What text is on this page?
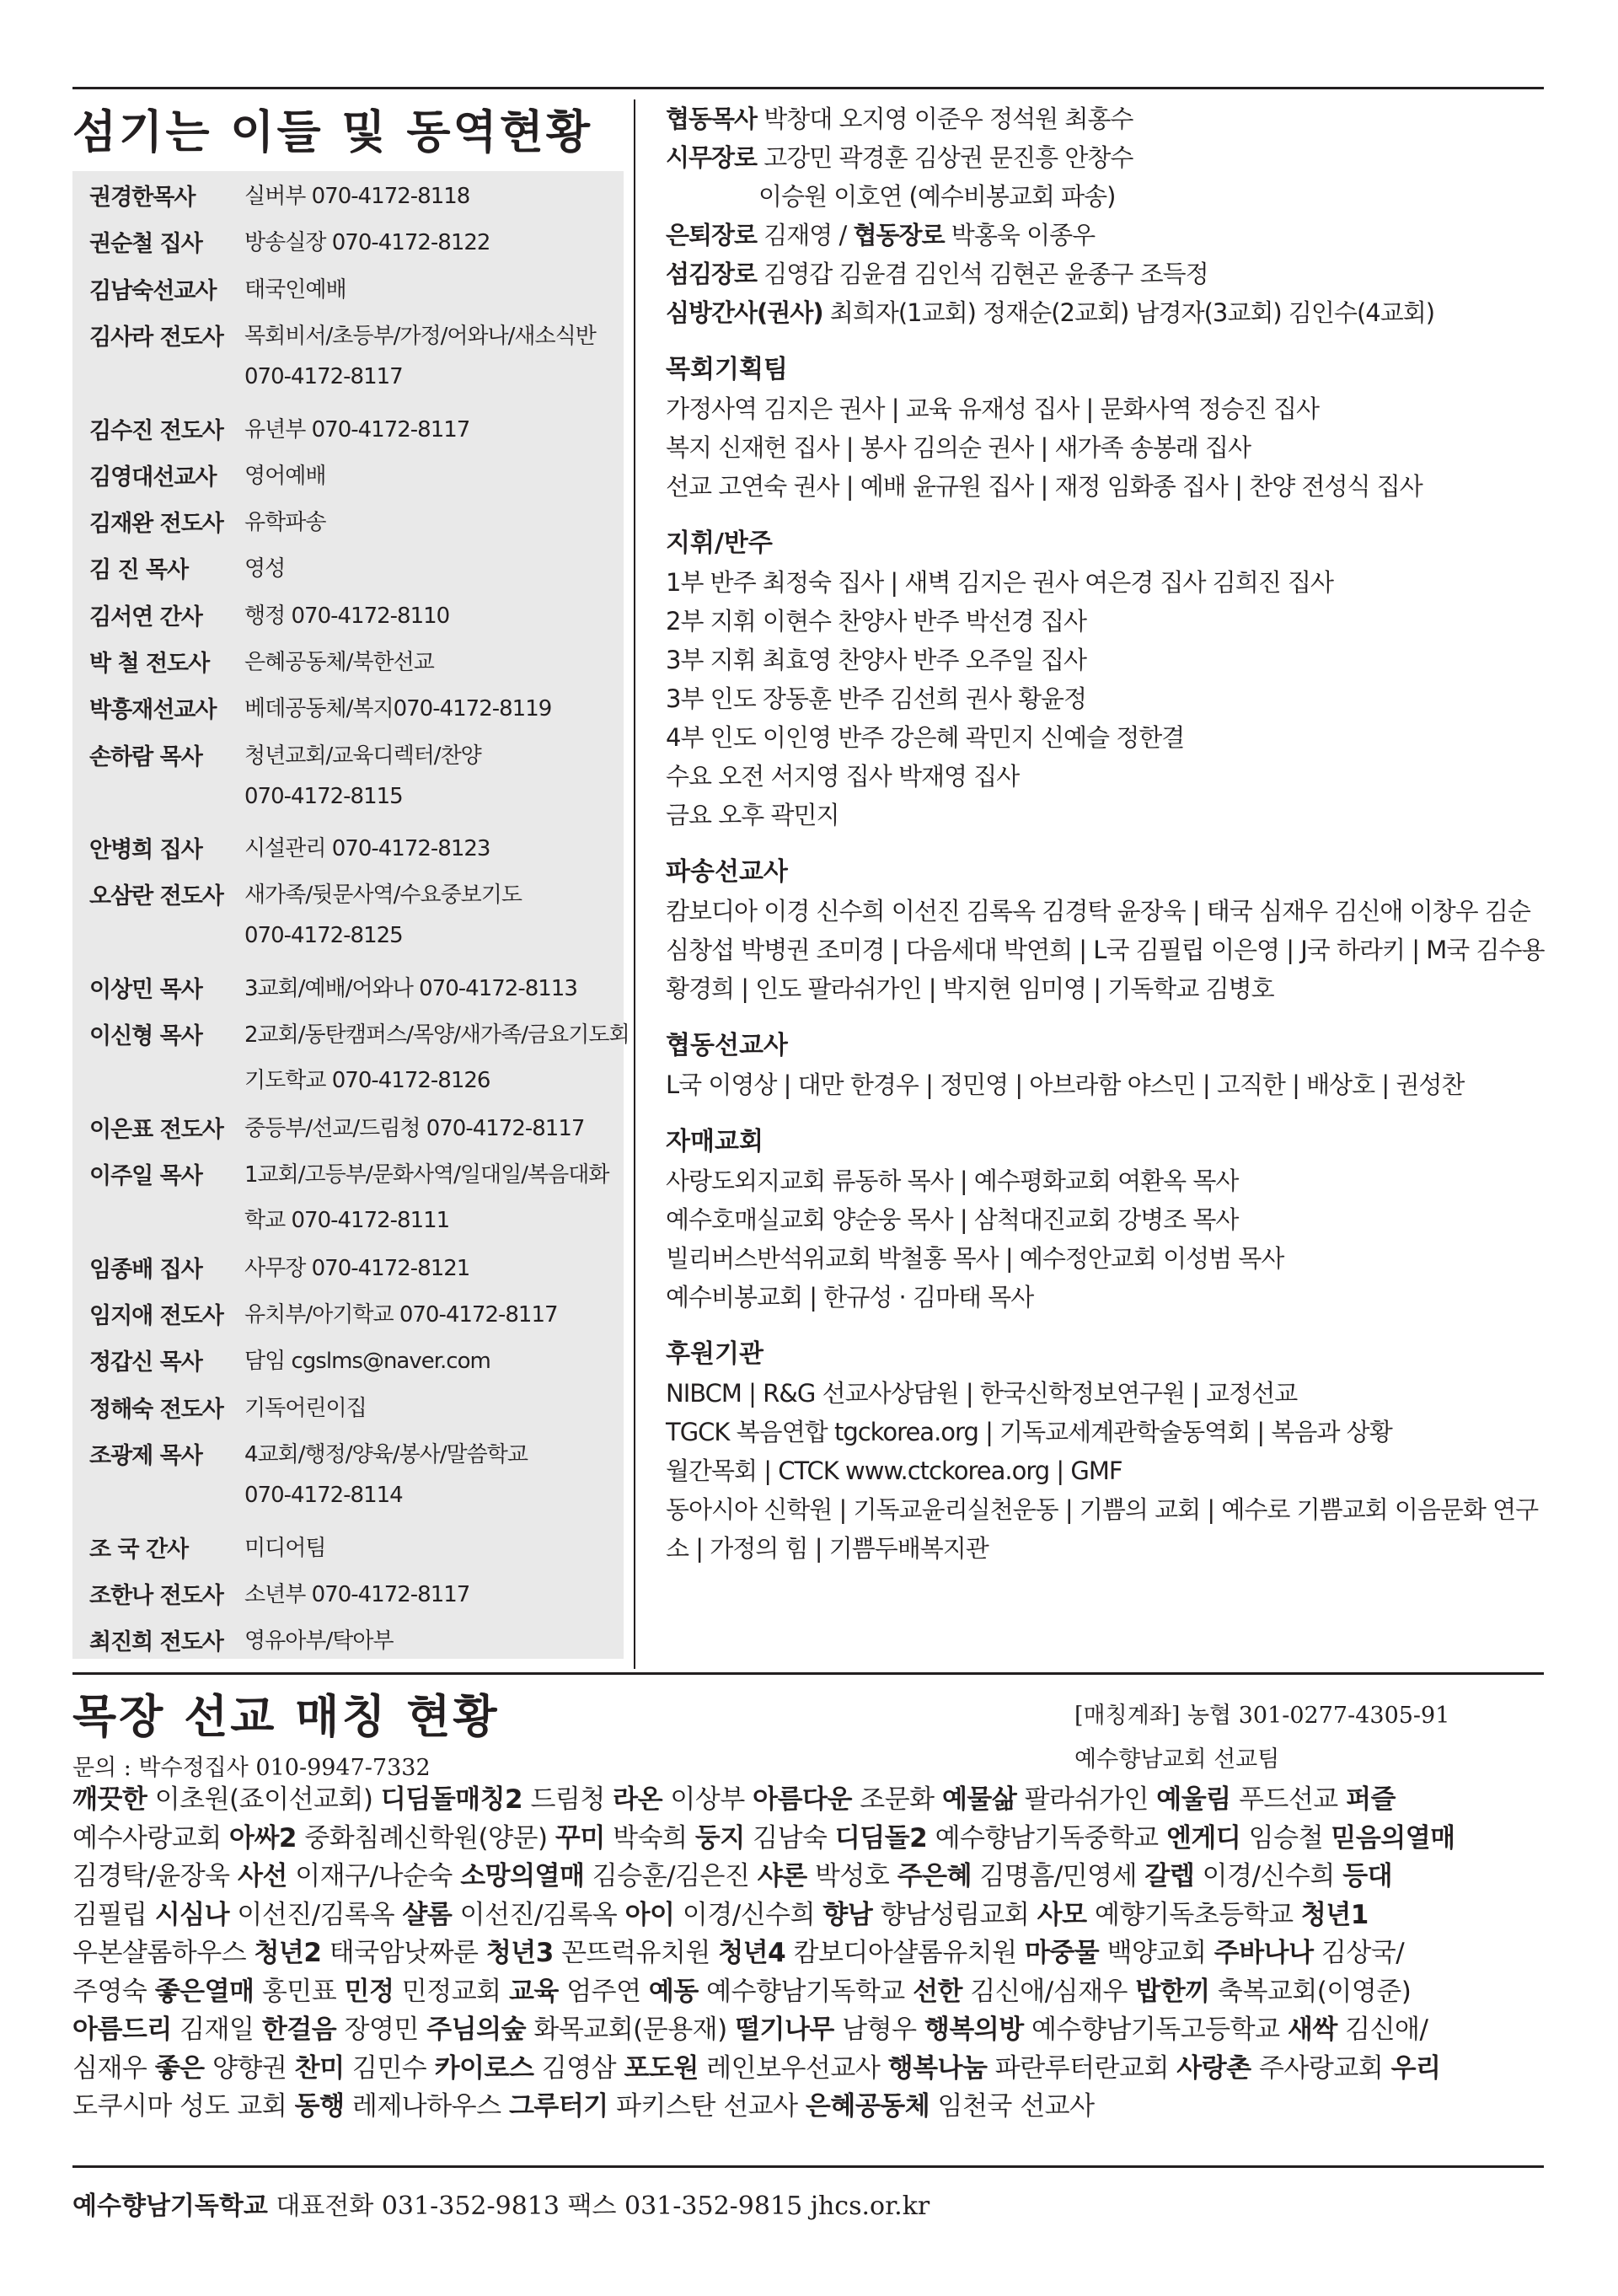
섬기는 이들 및 동역현황
권경한목사 실버부 070-4172-8118
권순철 집사 방송실장 070-4172-8122
김남숙선교사 태국인예배
김사라 전도사 목회비서/초등부/가정/어와나/새소식반
070-4172-8117
김수진 전도사 유년부 070-4172-8117
김영대선교사 영어예배
김재완 전도사 유학파송
김 진 목사	영성
김서연 간사 행정 070-4172-8110
박 철 전도사 은혜공동체/북한선교
박흥재선교사 베데공동체/복지070-4172-8119
손하람 목사 청년교회/교육디렉터/찬양
070-4172-8115
안병희 집사 시설관리 070-4172-8123
오삼란 전도사 새가족/뒷문사역/수요중보기도
070-4172-8125
이상민 목사 3교회/예배/어와나 070-4172-8113
이신형 목사 2교회/동탄캠퍼스/목양/새가족/금요기도회
기도학교 070-4172-8126
이은표 전도사 중등부/선교/드림청 070-4172-8117
이주일 목사 1교회/고등부/문화사역/일대일/복음대화
학교 070-4172-8111
임종배 집사 사무장 070-4172-8121
임지애 전도사 유치부/아기학교 070-4172-8117
정갑신 목사 담임 cgslms@naver.com
정해숙 전도사 기독어린이집
조광제 목사 4교회/행정/양육/봉사/말씀학교
070-4172-8114
조 국 간사	미디어팀
조한나 전도사 소년부 070-4172-8117
최진희 전도사 영유아부/탁아부
협동목사 박창대 오지영 이준우 정석원 최홍수
시무장로 고강민 곽경훈 김상권 문진흥 안창수
이승원 이호연 (예수비봉교회 파송)
은퇴장로 김재영 / 협동장로 박홍욱 이종우
섬김장로 김영갑 김윤겸 김인석 김현곤 윤종구 조득정
심방간사(권사) 최희자(1교회) 정재순(2교회) 남경자(3교회) 김인수(4교회)
목회기획팀
가정사역 김지은 권사 | 교육 유재성 집사 | 문화사역 정승진 집사
복지 신재헌 집사 | 봉사 김의순 권사 | 새가족 송봉래 집사
선교 고연숙 권사 | 예배 윤규원 집사 | 재정 임화종 집사 | 찬양 전성식 집사
지휘/반주
1부 반주 최정숙 집사 | 새벽 김지은 권사 여은경 집사 김희진 집사
2부 지휘 이현수 찬양사 반주 박선경 집사
3부 지휘 최효영 찬양사 반주 오주일 집사
3부 인도 장동훈 반주 김선희 권사 황윤정
4부 인도 이인영 반주 강은혜 곽민지 신예슬 정한결
수요 오전 서지영 집사 박재영 집사
금요 오후 곽민지
파송선교사
캄보디아 이경 신수희 이선진 김록옥 김경탁 윤장욱 | 태국 심재우 김신애 이창우 김순
심창섭 박병권 조미경 | 다음세대 박연희 | L국 김필립 이은영 | J국 하라키 | M국 김수용
황경희 | 인도 팔라쉬가인 | 박지현 임미영 | 기독학교 김병호
협동선교사
L국 이영상 | 대만 한경우 | 정민영 | 아브라함 야스민 | 고직한 | 배상호 | 권성찬
자매교회
사랑도외지교회 류동하 목사 | 예수평화교회 여환옥 목사
예수호매실교회 양순웅 목사 | 삼척대진교회 강병조 목사
빌리버스반석위교회 박철홍 목사 | 예수정안교회 이성범 목사
예수비봉교회 | 한규성 · 김마태 목사
후원기관
NIBCM | R&G 선교사상담원 | 한국신학정보연구원 | 교정선교
TGCK 복음연합 tgckorea.org | 기독교세계관학술동역회 | 복음과 상황
월간목회 | CTCK www.ctckorea.org | GMF
동아시아 신학원 | 기독교윤리실천운동 | 기쁨의 교회 | 예수로 기쁨교회 이음문화 연구
소 | 가정의 힘 | 기쁨두배복지관
목장 선교 매칭 현황
문의 : 박수정집사 010-9947-7332
[매칭계좌] 농협 301-0277-4305-91
예수향남교회 선교팀

깨끗한 이초원(죠이선교회) 디딤돌매칭2 드림청 라온 이상부 아름다운 조문화 예물삶 팔라쉬가인 예울림 푸드선교 퍼즐

예수사랑교회 아싸2 중화침례신학원(양문) 꾸미 박숙희 둥지 김남숙 디딤돌2 예수향남기독중학교 엔게디 임승철 믿음의열매

김경탁/윤장욱 사선 이재구/나순숙 소망의열매 김승훈/김은진 샤론 박성호 주은혜 김명흠/민영세 갈렙 이경/신수희 등대

김필립 시심나 이선진/김록옥 샬롬 이선진/김록옥 아이 이경/신수희 향남 향남성림교회 사모 예향기독초등학교 청년1

우본샬롬하우스 청년2 태국암낫짜룬 청년3 꼰뜨럭유치원 청년4 캄보디아샬롬유치원 마중물 백양교회 주바나나 김상국/

주영숙 좋은열매 홍민표 민정 민정교회 교육 엄주연 예동 예수향남기독학교 선한 김신애/심재우 밥한끼 축복교회(이영준)

아름드리 김재일 한걸음 장영민 주님의숲 화목교회(문용재) 떨기나무 남형우 행복의방 예수향남기독고등학교 새싹 김신애/

심재우 좋은 양향권 찬미 김민수 카이로스 김영삼 포도원 레인보우선교사 행복나눔 파란루터란교회 사랑촌 주사랑교회 우리

도쿠시마 성도 교회 동행 레제나하우스 그루터기 파키스탄 선교사 은혜공동체 임천국 선교사

예수향남기독학교 대표전화 031-352-9813 팩스 031-352-9815 jhcs.or.kr
